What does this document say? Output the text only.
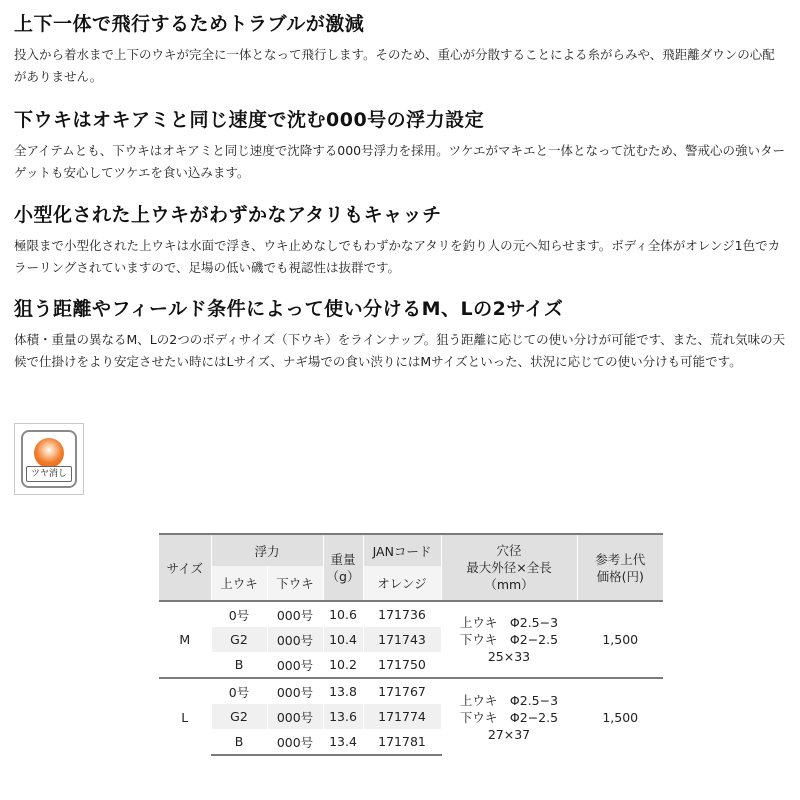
上下一体で飛行するためトラブルが激減

投入から着水まで上下のウキが完全に一体となって飛行します。そのため、重心が分散することによる糸がらみや、飛距離ダウンの心配がありません。

下ウキはオキアミと同じ速度で沈む000号の浮力設定

全アイテムとも、下ウキはオキアミと同じ速度で沈降する000号浮力を採用。ツケエがマキエと一体となって沈むため、警戒心の強いターゲットも安心してツケエを食い込みます。

小型化された上ウキがわずかなアタリもキャッチ

極限まで小型化された上ウキは水面で浮き、ウキ止めなしでもわずかなアタリを釣り人の元へ知らせます。ボディ全体がオレンジ1色でカラーリングされていますので、足場の低い磯でも視認性は抜群です。

狙う距離やフィールド条件によって使い分けるM、Lの2サイズ

体積・重量の異なるM、Lの2つのボディサイズ（下ウキ）をラインナップ。狙う距離に応じての使い分けが可能です、また、荒れ気味の天候で仕掛けをより安定させたい時にはLサイズ、ナギ場での食い渋りにはMサイズといった、状況に応じての使い分けも可能です。

ツヤ消し
サイズ	浮力		重量
（g）	JANコード	穴径
最大外径×全長
（mm）	参考上代
価格(円)
	上ウキ	下ウキ		オレンジ		
M	0号	000号	10.6	171736	上ウキ　Φ2.5−3
下ウキ　Φ2−2.5
25×33	1,500
	G2	000号	10.4	171743		
	B	000号	10.2	171750		
L	0号	000号	13.8	171767	上ウキ　Φ2.5−3
下ウキ　Φ2−2.5
27×37	1,500
	G2	000号	13.6	171774		
	B	000号	13.4	171781		
